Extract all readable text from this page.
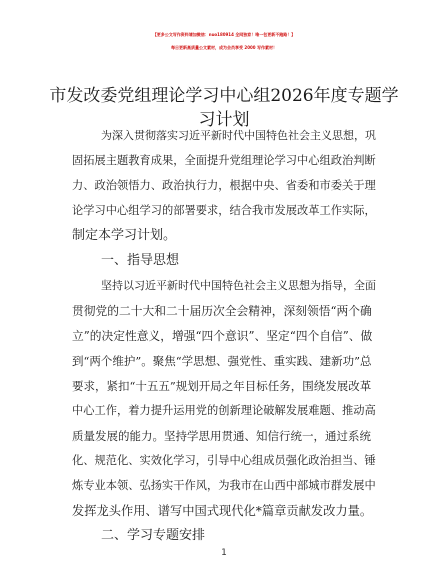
【更多公文写作资料请加微信：nuo180914 全网独家！唯一包更新不跑路！】
每日更新高质量公文素材，成为会员享受 2000 写作素材！
市发改委党组理论学习中心组2026年度专题学
习计划
为深入贯彻落实习近平新时代中国特色社会主义思想，巩
固拓展主题教育成果，全面提升党组理论学习中心组政治判断
力、政治领悟力、政治执行力，根据中央、省委和市委关于理
论学习中心组学习的部署要求，结合我市发展改革工作实际，
制定本学习计划。
一、指导思想
坚持以习近平新时代中国特色社会主义思想为指导，全面
贯彻党的二十大和二十届历次全会精神，深刻领悟“两个确
立”的决定性意义，增强“四个意识”、坚定“四个自信”、做
到“两个维护”。聚焦“学思想、强党性、重实践、建新功”总
要求，紧扣“十五五”规划开局之年目标任务，围绕发展改革
中心工作，着力提升运用党的创新理论破解发展难题、推动高
质量发展的能力。坚持学思用贯通、知信行统一，通过系统
化、规范化、实效化学习，引导中心组成员强化政治担当、锤
炼专业本领、弘扬实干作风，为我市在山西中部城市群发展中
发挥龙头作用、谱写中国式现代化*篇章贡献发改力量。
二、学习专题安排
1
